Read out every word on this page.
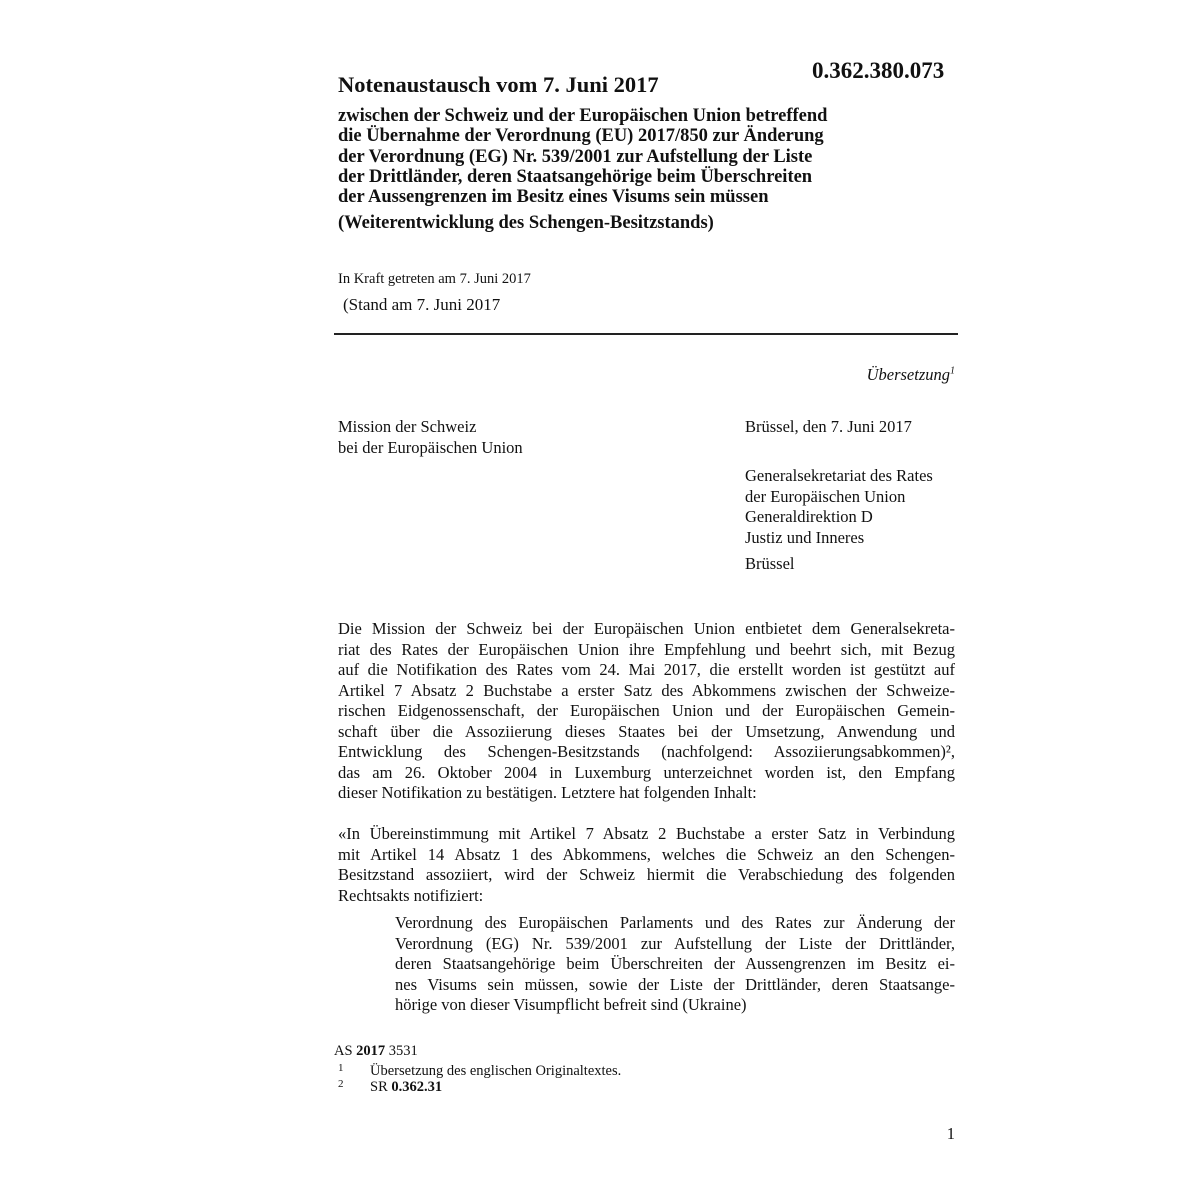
0.362.380.073
Notenaustausch vom 7. Juni 2017
zwischen der Schweiz und der Europäischen Union betreffend
die Übernahme der Verordnung (EU) 2017/850 zur Änderung
der Verordnung (EG) Nr. 539/2001 zur Aufstellung der Liste
der Drittländer, deren Staatsangehörige beim Überschreiten
der Aussengrenzen im Besitz eines Visums sein müssen
(Weiterentwicklung des Schengen-Besitzstands)
In Kraft getreten am 7. Juni 2017
(Stand am 7. Juni 2017
Übersetzung$^1$
Mission der Schweiz
bei der Europäischen Union
Brüssel, den 7. Juni 2017
Generalsekretariat des Rates
der Europäischen Union
Generaldirektion D
Justiz und Inneres
Brüssel
Die Mission der Schweiz bei der Europäischen Union entbietet dem Generalsekreta-
riat des Rates der Europäischen Union ihre Empfehlung und beehrt sich, mit Bezug
auf die Notifikation des Rates vom 24. Mai 2017, die erstellt worden ist gestützt auf
Artikel 7 Absatz 2 Buchstabe a erster Satz des Abkommens zwischen der Schweize-
rischen Eidgenossenschaft, der Europäischen Union und der Europäischen Gemein-
schaft über die Assoziierung dieses Staates bei der Umsetzung, Anwendung und
Entwicklung des Schengen-Besitzstands (nachfolgend: Assoziierungsabkommen)²,
das am 26. Oktober 2004 in Luxemburg unterzeichnet worden ist, den Empfang
dieser Notifikation zu bestätigen. Letztere hat folgenden Inhalt:
«In Übereinstimmung mit Artikel 7 Absatz 2 Buchstabe a erster Satz in Verbindung
mit Artikel 14 Absatz 1 des Abkommens, welches die Schweiz an den Schengen-
Besitzstand assoziiert, wird der Schweiz hiermit die Verabschiedung des folgenden
Rechtsakts notifiziert:
Verordnung des Europäischen Parlaments und des Rates zur Änderung der
Verordnung (EG) Nr. 539/2001 zur Aufstellung der Liste der Drittländer,
deren Staatsangehörige beim Überschreiten der Aussengrenzen im Besitz ei-
nes Visums sein müssen, sowie der Liste der Drittländer, deren Staatsange-
hörige von dieser Visumpflicht befreit sind (Ukraine)
AS 2017 3531
1 Übersetzung des englischen Originaltextes.
2 SR 0.362.31
1
